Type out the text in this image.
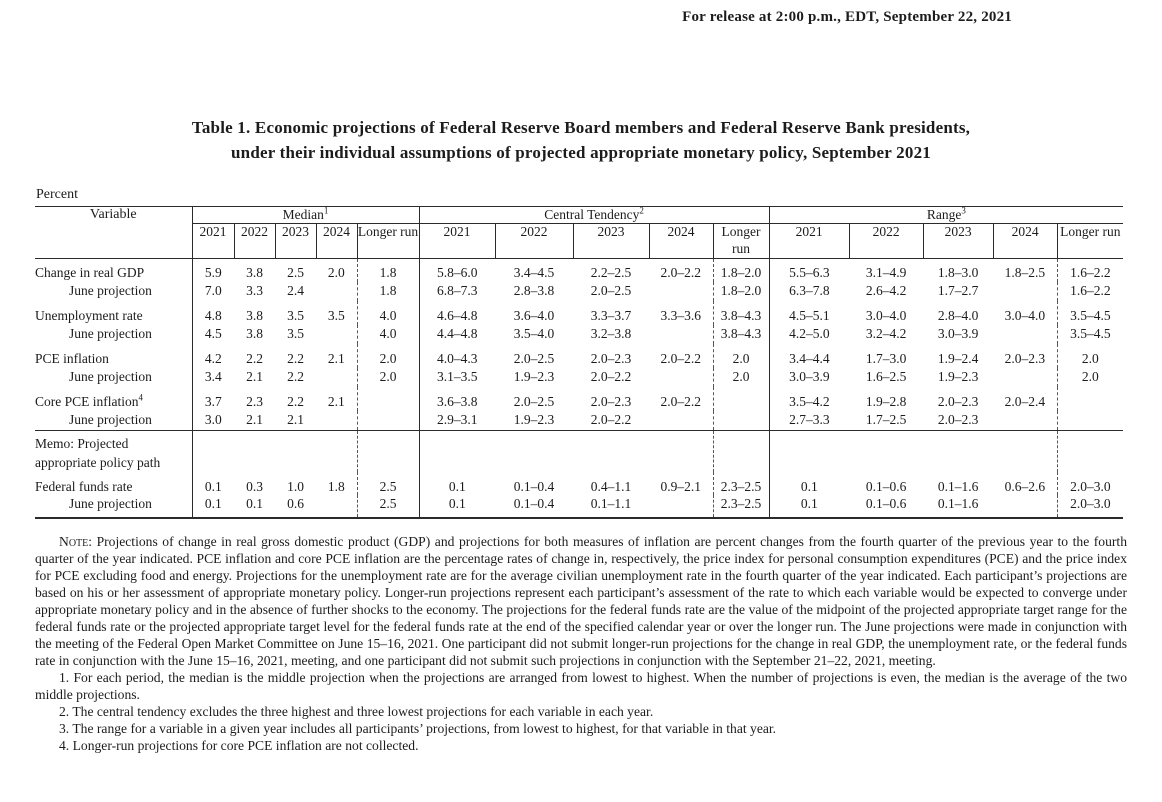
For release at 2:00 p.m., EDT, September 22, 2021
Table 1. Economic projections of Federal Reserve Board members and Federal Reserve Bank presidents,
under their individual assumptions of projected appropriate monetary policy, September 2021
Percent
Variable	Median$^1$					Central Tendency$^2$					Range$^3$
	2021	2022	2023	2024	Longer run	2021	2022	2023	2024	Longer run	2021	2022	2023	2024	Longer run
Change in real GDP	5.9	3.8	2.5	2.0	1.8	5.8–6.0	3.4–4.5	2.2–2.5	2.0–2.2	1.8–2.0	5.5–6.3	3.1–4.9	1.8–3.0	1.8–2.5	1.6–2.2
June projection	7.0	3.3	2.4		1.8	6.8–7.3	2.8–3.8	2.0–2.5		1.8–2.0	6.3–7.8	2.6–4.2	1.7–2.7		1.6–2.2
Unemployment rate	4.8	3.8	3.5	3.5	4.0	4.6–4.8	3.6–4.0	3.3–3.7	3.3–3.6	3.8–4.3	4.5–5.1	3.0–4.0	2.8–4.0	3.0–4.0	3.5–4.5
June projection	4.5	3.8	3.5		4.0	4.4–4.8	3.5–4.0	3.2–3.8		3.8–4.3	4.2–5.0	3.2–4.2	3.0–3.9		3.5–4.5
PCE inflation	4.2	2.2	2.2	2.1	2.0	4.0–4.3	2.0–2.5	2.0–2.3	2.0–2.2	2.0	3.4–4.4	1.7–3.0	1.9–2.4	2.0–2.3	2.0
June projection	3.4	2.1	2.2		2.0	3.1–3.5	1.9–2.3	2.0–2.2		2.0	3.0–3.9	1.6–2.5	1.9–2.3		2.0
Core PCE inflation$^4$	3.7	2.3	2.2	2.1		3.6–3.8	2.0–2.5	2.0–2.3	2.0–2.2		3.5–4.2	1.9–2.8	2.0–2.3	2.0–2.4	
June projection	3.0	2.1	2.1			2.9–3.1	1.9–2.3	2.0–2.2			2.7–3.3	1.7–2.5	2.0–2.3		

Memo: Projected
appropriate policy path															

Federal funds rate	0.1	0.3	1.0	1.8	2.5	0.1	0.1–0.4	0.4–1.1	0.9–2.1	2.3–2.5	0.1	0.1–0.6	0.1–1.6	0.6–2.6	2.0–3.0
June projection	0.1	0.1	0.6		2.5	0.1	0.1–0.4	0.1–1.1		2.3–2.5	0.1	0.1–0.6	0.1–1.6		2.0–3.0

Note: Projections of change in real gross domestic product (GDP) and projections for both measures of inflation are percent changes from the fourth quarter of the previous year to the fourth quarter of the year indicated. PCE inflation and core PCE inflation are the percentage rates of change in, respectively, the price index for personal consumption expenditures (PCE) and the price index for PCE excluding food and energy. Projections for the unemployment rate are for the average civilian unemployment rate in the fourth quarter of the year indicated. Each participant’s projections are based on his or her assessment of appropriate monetary policy. Longer-run projections represent each participant’s assessment of the rate to which each variable would be expected to converge under appropriate monetary policy and in the absence of further shocks to the economy. The projections for the federal funds rate are the value of the midpoint of the projected appropriate target range for the federal funds rate or the projected appropriate target level for the federal funds rate at the end of the specified calendar year or over the longer run. The June projections were made in conjunction with the meeting of the Federal Open Market Committee on June 15–16, 2021. One participant did not submit longer-run projections for the change in real GDP, the unemployment rate, or the federal funds rate in conjunction with the June 15–16, 2021, meeting, and one participant did not submit such projections in conjunction with the September 21–22, 2021, meeting.

1. For each period, the median is the middle projection when the projections are arranged from lowest to highest. When the number of projections is even, the median is the average of the two middle projections.

2. The central tendency excludes the three highest and three lowest projections for each variable in each year.

3. The range for a variable in a given year includes all participants’ projections, from lowest to highest, for that variable in that year.

4. Longer-run projections for core PCE inflation are not collected.
